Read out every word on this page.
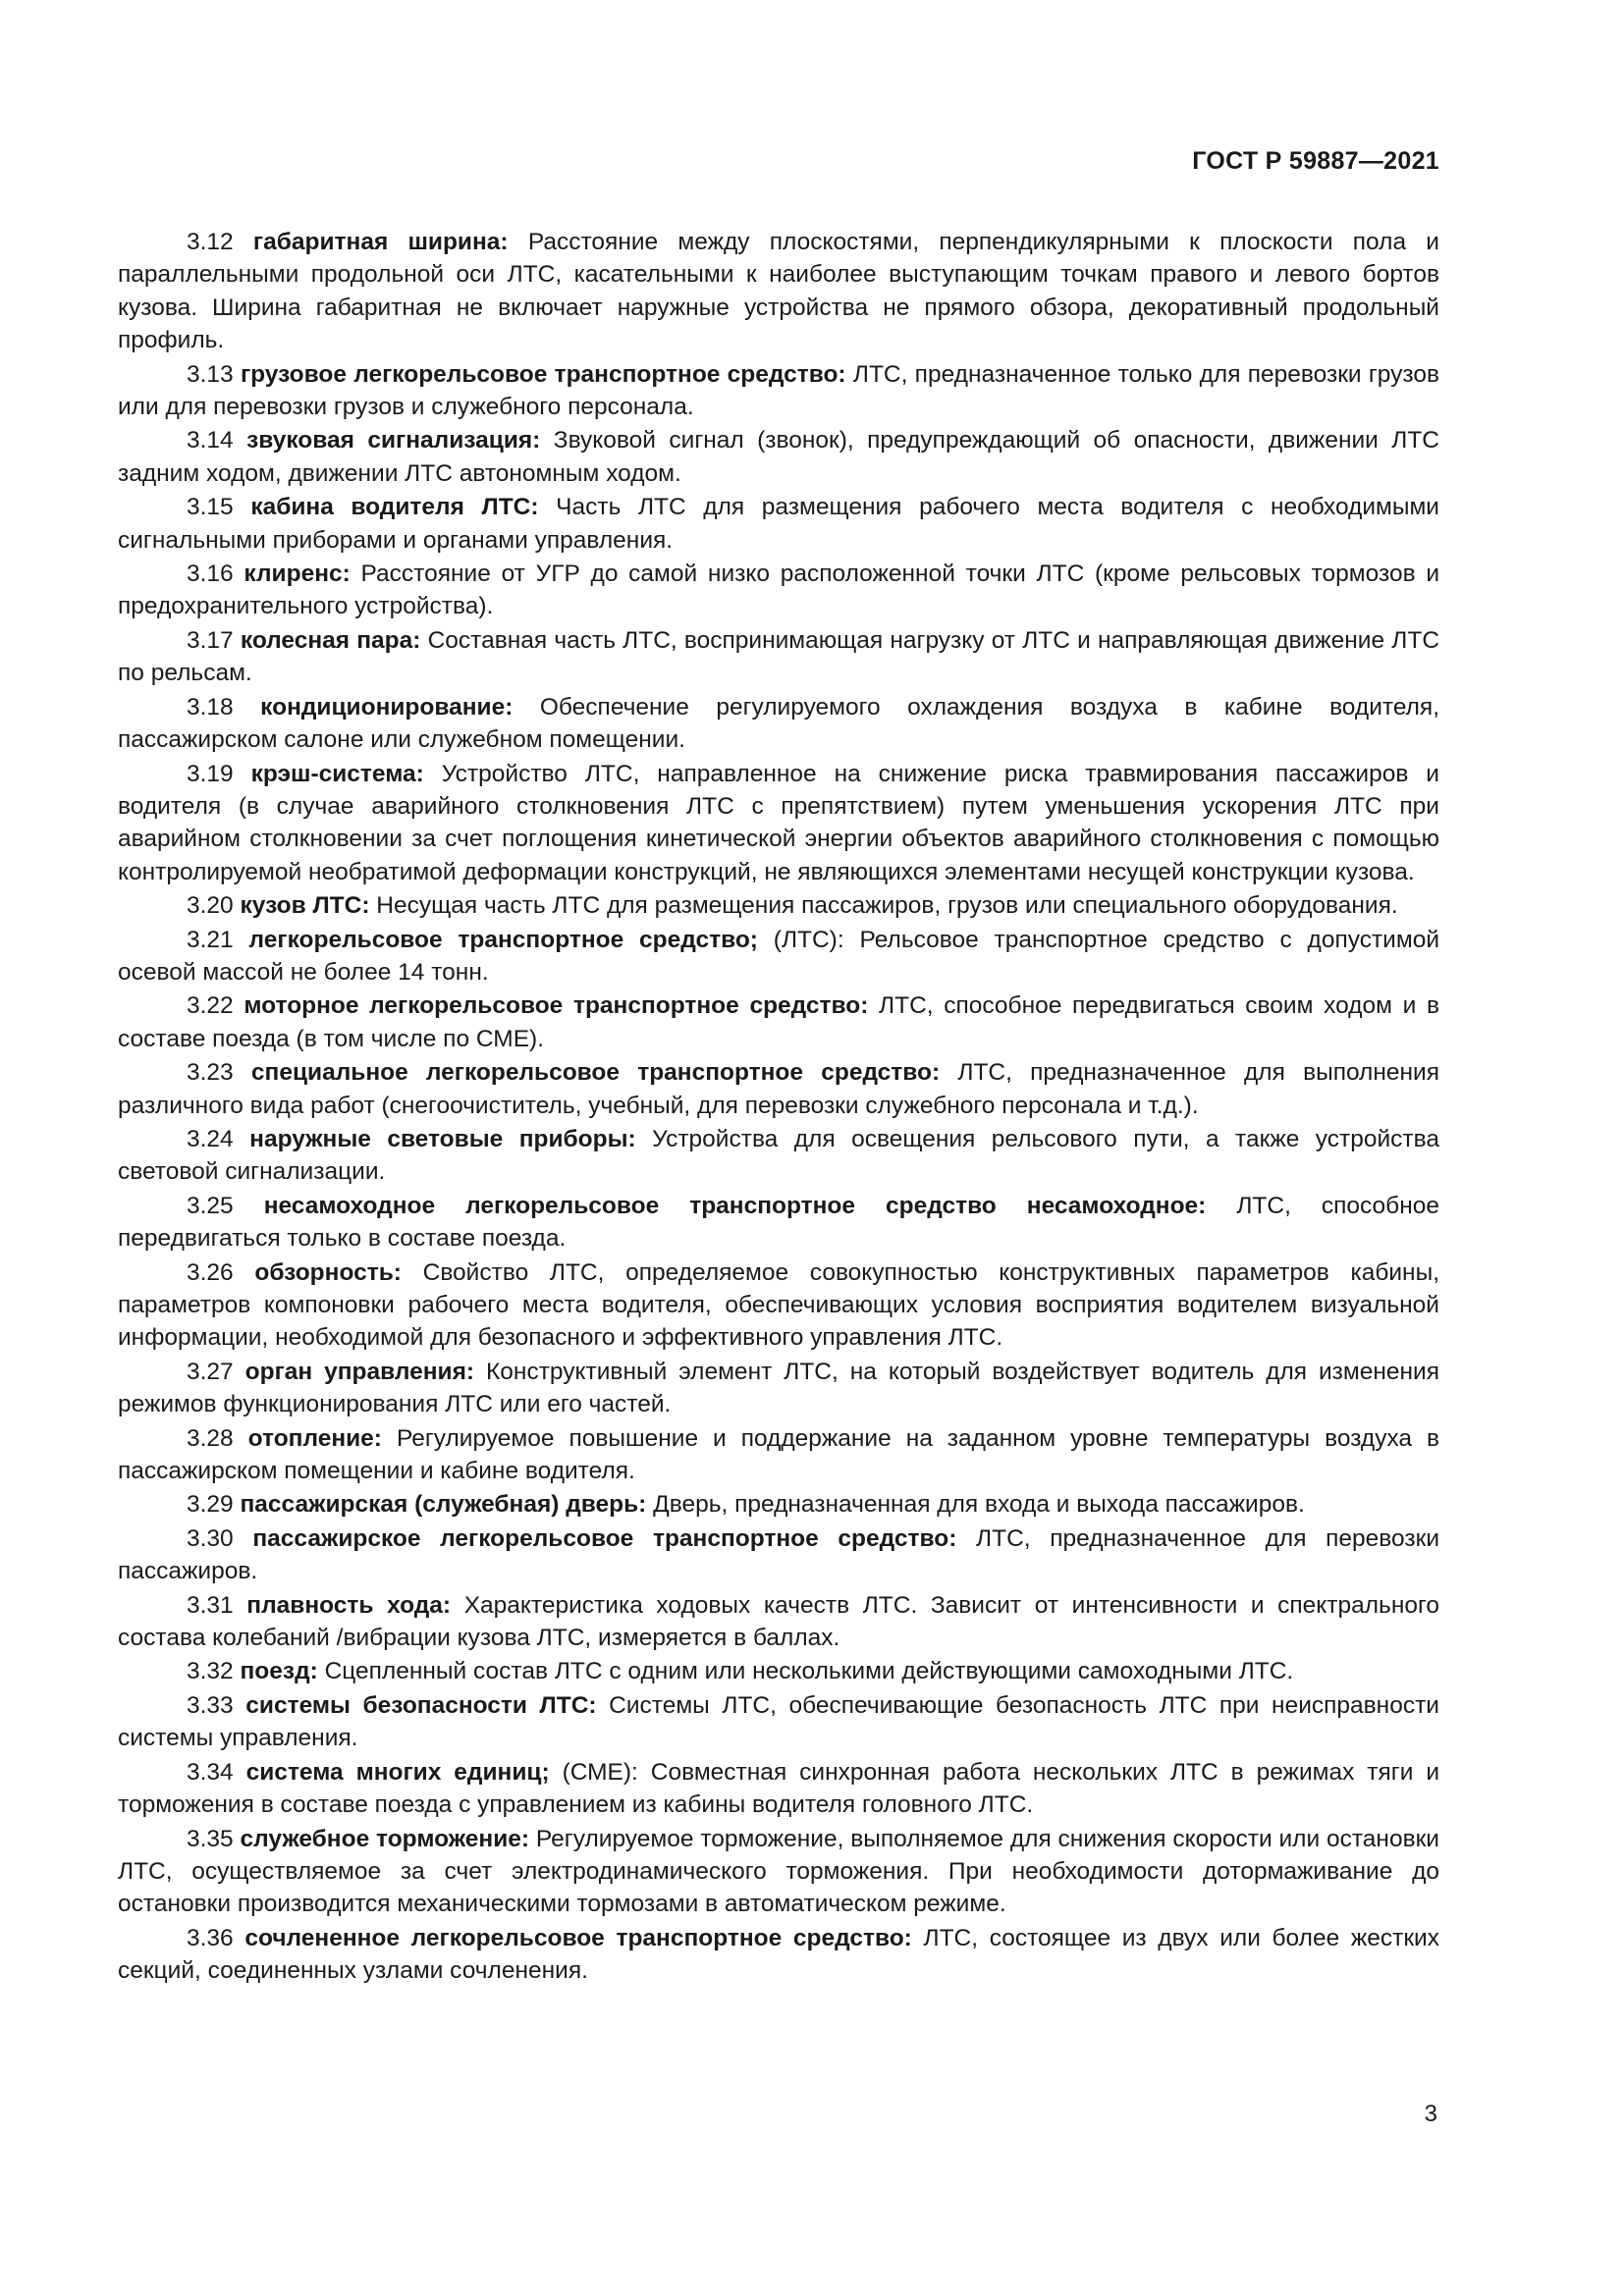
ГОСТ Р 59887—2021

3.12 габаритная ширина: Расстояние между плоскостями, перпендикулярными к плоскости пола и параллельными продольной оси ЛТС, касательными к наиболее выступающим точкам правого и левого бортов кузова. Ширина габаритная не включает наружные устройства не прямого обзора, декоративный продольный профиль.

3.13 грузовое легкорельсовое транспортное средство: ЛТС, предназначенное только для перевозки грузов или для перевозки грузов и служебного персонала.

3.14 звуковая сигнализация: Звуковой сигнал (звонок), предупреждающий об опасности, движении ЛТС задним ходом, движении ЛТС автономным ходом.

3.15 кабина водителя ЛТС: Часть ЛТС для размещения рабочего места водителя с необходимыми сигнальными приборами и органами управления.

3.16 клиренс: Расстояние от УГР до самой низко расположенной точки ЛТС (кроме рельсовых тормозов и предохранительного устройства).

3.17 колесная пара: Составная часть ЛТС, воспринимающая нагрузку от ЛТС и направляющая движение ЛТС по рельсам.

3.18 кондиционирование: Обеспечение регулируемого охлаждения воздуха в кабине водителя, пассажирском салоне или служебном помещении.

3.19 крэш-система: Устройство ЛТС, направленное на снижение риска травмирования пассажиров и водителя (в случае аварийного столкновения ЛТС с препятствием) путем уменьшения ускорения ЛТС при аварийном столкновении за счет поглощения кинетической энергии объектов аварийного столкновения с помощью контролируемой необратимой деформации конструкций, не являющихся элементами несущей конструкции кузова.

3.20 кузов ЛТС: Несущая часть ЛТС для размещения пассажиров, грузов или специального оборудования.

3.21 легкорельсовое транспортное средство; (ЛТС): Рельсовое транспортное средство с допустимой осевой массой не более 14 тонн.

3.22 моторное легкорельсовое транспортное средство: ЛТС, способное передвигаться своим ходом и в составе поезда (в том числе по СМЕ).

3.23 специальное легкорельсовое транспортное средство: ЛТС, предназначенное для выполнения различного вида работ (снегоочиститель, учебный, для перевозки служебного персонала и т.д.).

3.24 наружные световые приборы: Устройства для освещения рельсового пути, а также устройства световой сигнализации.

3.25 несамоходное легкорельсовое транспортное средство несамоходное: ЛТС, способное передвигаться только в составе поезда.

3.26 обзорность: Свойство ЛТС, определяемое совокупностью конструктивных параметров кабины, параметров компоновки рабочего места водителя, обеспечивающих условия восприятия водителем визуальной информации, необходимой для безопасного и эффективного управления ЛТС.

3.27 орган управления: Конструктивный элемент ЛТС, на который воздействует водитель для изменения режимов функционирования ЛТС или его частей.

3.28 отопление: Регулируемое повышение и поддержание на заданном уровне температуры воздуха в пассажирском помещении и кабине водителя.

3.29 пассажирская (служебная) дверь: Дверь, предназначенная для входа и выхода пассажиров.

3.30 пассажирское легкорельсовое транспортное средство: ЛТС, предназначенное для перевозки пассажиров.

3.31 плавность хода: Характеристика ходовых качеств ЛТС. Зависит от интенсивности и спектрального состава колебаний /вибрации кузова ЛТС, измеряется в баллах.

3.32 поезд: Сцепленный состав ЛТС с одним или несколькими действующими самоходными ЛТС.

3.33 системы безопасности ЛТС: Системы ЛТС, обеспечивающие безопасность ЛТС при неисправности системы управления.

3.34 система многих единиц; (СМЕ): Совместная синхронная работа нескольких ЛТС в режимах тяги и торможения в составе поезда с управлением из кабины водителя головного ЛТС.

3.35 служебное торможение: Регулируемое торможение, выполняемое для снижения скорости или остановки ЛТС, осуществляемое за счет электродинамического торможения. При необходимости дотормаживание до остановки производится механическими тормозами в автоматическом режиме.

3.36 сочлененное легкорельсовое транспортное средство: ЛТС, состоящее из двух или более жестких секций, соединенных узлами сочленения.

3
